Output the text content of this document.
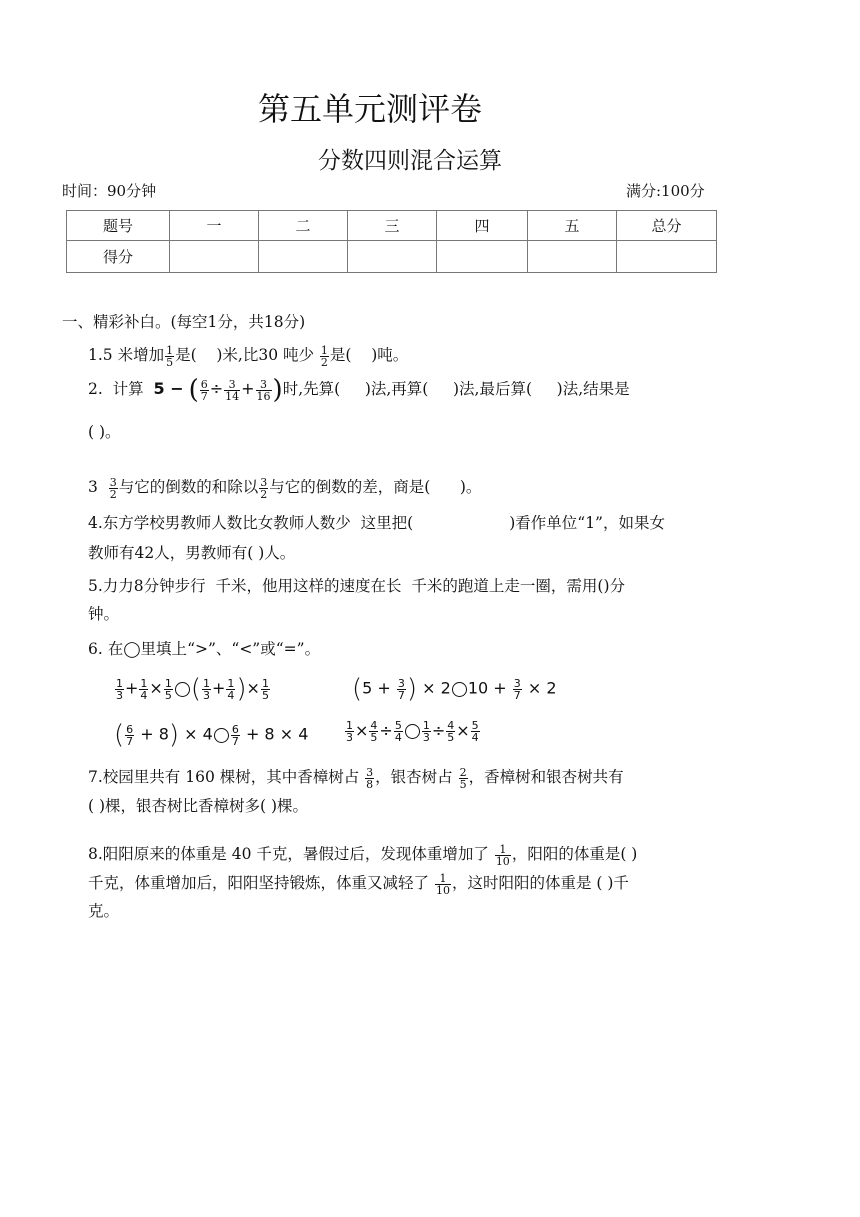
第五单元测评卷
分数四则混合运算
时间：90分钟	满分:100分
题号	一	二	三	四	五	总分
得分						
一、精彩补白。(每空1分，共18分)
1.5 米增加 $\frac{1}{5}$ 是( )米,比30 吨少 $\frac{1}{2}$ 是( )吨。
2. 计算 5 − ( $\frac{6}{7} \div \frac{3}{14} + \frac{3}{16}$ )时,先算( )法,再算( )法,最后算( )法,结果是
( )。
$3 \frac{3}{2}$ 与它的倒数的和除以 $\frac{3}{2}$ 与它的倒数的差，商是( )。
4.东方学校男教师人数比女教师人数少 这里把(	)看作单位“1”，如果女
教师有42人，男教师有( )人。
5.力力8分钟步行 千米，他用这样的速度在长 千米的跑道上走一圈，需用()分
钟。
6. 在◯里填上“>”、“<”或“=”。
$\frac{1}{3} + \frac{1}{4} \times \frac{1}{5}$ ( $\frac{1}{3} + \frac{1}{4}$ )× $\frac{1}{5}$	($5 + \frac{3}{7}$ ) × 2 $10 + \frac{3}{7} \times 2$
( $\frac{6}{7} + 8) \times 4 \frac{6}{7} + 8 \times 4$	$\frac{1}{3} \times \frac{4}{5} \div \frac{5}{4} \frac{1}{3} \div \frac{4}{5} \times \frac{5}{4}$
7.校园里共有 160 棵树，其中香樟树占 $\frac{3}{8}$ ，银杏树占 $\frac{2}{5}$ ，香樟树和银杏树共有
( )棵，银杏树比香樟树多( )棵。
8.阳阳原来的体重是 40 千克，暑假过后，发现体重增加了 $\frac{1}{10}$ ，阳阳的体重是( )
千克，体重增加后，阳阳坚持锻炼，体重又减轻了 $\frac{1}{10}$ ，这时阳阳的体重是 ( )千
克。
